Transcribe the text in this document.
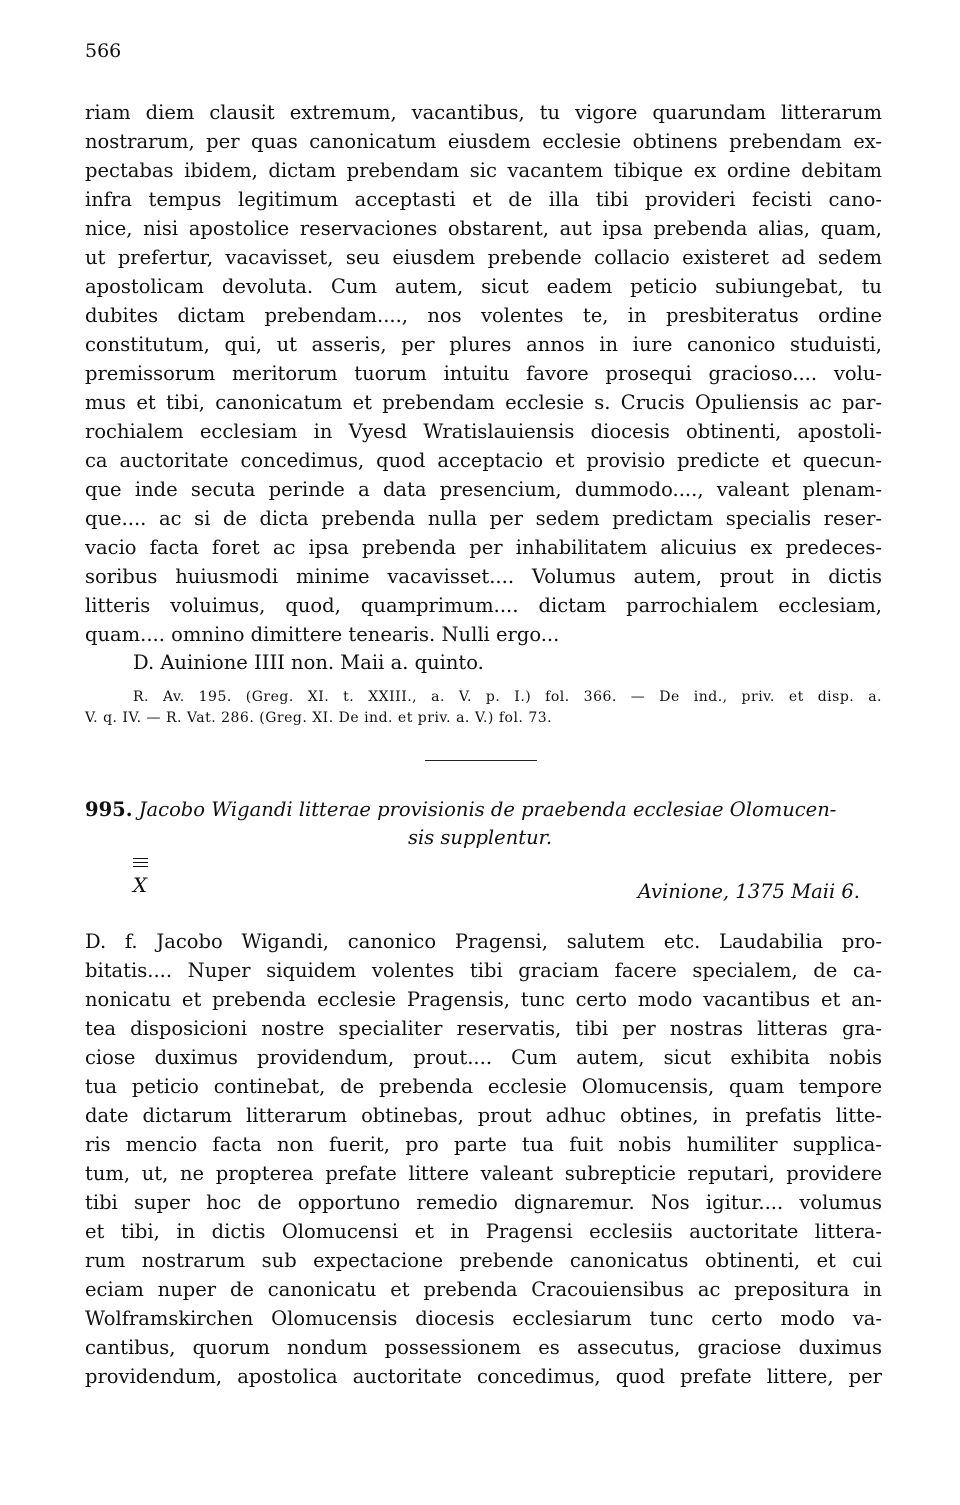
566
riam diem clausit extremum, vacantibus, tu vigore quarundam litterarum
nostrarum, per quas canonicatum eiusdem ecclesie obtinens prebendam ex-
pectabas ibidem, dictam prebendam sic vacantem tibique ex ordine debitam
infra tempus legitimum acceptasti et de illa tibi provideri fecisti cano-
nice, nisi apostolice reservaciones obstarent, aut ipsa prebenda alias, quam,
ut prefertur, vacavisset, seu eiusdem prebende collacio existeret ad sedem
apostolicam devoluta. Cum autem, sicut eadem peticio subiungebat, tu
dubites dictam prebendam...., nos volentes te, in presbiteratus ordine
constitutum, qui, ut asseris, per plures annos in iure canonico studuisti,
premissorum meritorum tuorum intuitu favore prosequi gracioso.... volu-
mus et tibi, canonicatum et prebendam ecclesie s. Crucis Opuliensis ac par-
rochialem ecclesiam in Vyesd Wratislauiensis diocesis obtinenti, apostoli-
ca auctoritate concedimus, quod acceptacio et provisio predicte et quecun-
que inde secuta perinde a data presencium, dummodo...., valeant plenam-
que.... ac si de dicta prebenda nulla per sedem predictam specialis reser-
vacio facta foret ac ipsa prebenda per inhabilitatem alicuius ex predeces-
soribus huiusmodi minime vacavisset.... Volumus autem, prout in dictis
litteris voluimus, quod, quamprimum.... dictam parrochialem ecclesiam,
quam.... omnino dimittere tenearis. Nulli ergo...
D. Auinione IIII non. Maii a. quinto.
R. Av. 195. (Greg. XI. t. XXIII., a. V. p. I.) fol. 366. — De ind., priv. et disp. a.
V. q. IV. — R. Vat. 286. (Greg. XI. De ind. et priv. a. V.) fol. 73.
995. Jacobo Wigandi litterae provisionis de praebenda ecclesiae Olomucen-
sis supplentur.
X	Avinione, 1375 Maii 6.
D. f. Jacobo Wigandi, canonico Pragensi, salutem etc. Laudabilia pro-
bitatis.... Nuper siquidem volentes tibi graciam facere specialem, de ca-
nonicatu et prebenda ecclesie Pragensis, tunc certo modo vacantibus et an-
tea disposicioni nostre specialiter reservatis, tibi per nostras litteras gra-
ciose duximus providendum, prout.... Cum autem, sicut exhibita nobis
tua peticio continebat, de prebenda ecclesie Olomucensis, quam tempore
date dictarum litterarum obtinebas, prout adhuc obtines, in prefatis litte-
ris mencio facta non fuerit, pro parte tua fuit nobis humiliter supplica-
tum, ut, ne propterea prefate littere valeant subrepticie reputari, providere
tibi super hoc de opportuno remedio dignaremur. Nos igitur.... volumus
et tibi, in dictis Olomucensi et in Pragensi ecclesiis auctoritate littera-
rum nostrarum sub expectacione prebende canonicatus obtinenti, et cui
eciam nuper de canonicatu et prebenda Cracouiensibus ac prepositura in
Wolframskirchen Olomucensis diocesis ecclesiarum tunc certo modo va-
cantibus, quorum nondum possessionem es assecutus, graciose duximus
providendum, apostolica auctoritate concedimus, quod prefate littere, per
